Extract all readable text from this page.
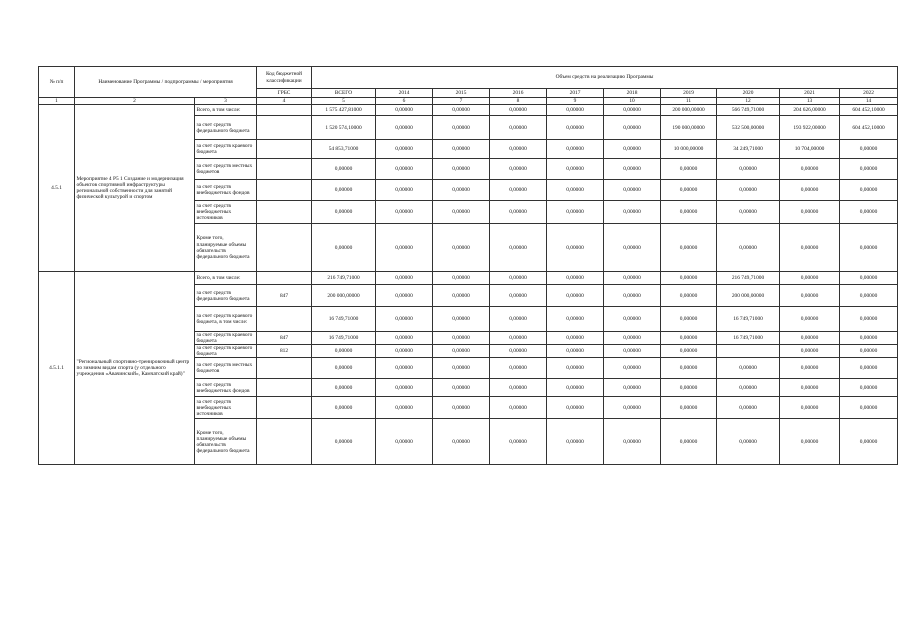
№ п/п	Наименование Программы / подпрограммы / мероприятия		Код бюджетной классификации	Объем средств на реализацию Программы									
			ГРБС	ВСЕГО	2014	2015	2016	2017	2018	2019	2020	2021	2022
1	2	3	4	5	6	7	8	9	10	11	12	13	14
4.5.1	Мероприятие 4 Р5 1 Создание и модернизация объектов спортивной инфраструктуры региональной собственности для занятий физической культурой и спортом	Всего, в том числе:		1 575 427,81000	0,00000	0,00000	0,00000	0,00000	0,00000	200 000,00000	566 749,71000	204 626,00000	604 452,10000
		за счет средств федерального бюджета		1 520 574,10000	0,00000	0,00000	0,00000	0,00000	0,00000	190 000,00000	532 500,00000	193 922,00000	604 452,10000
		за счет средств краевого бюджета		54 853,71000	0,00000	0,00000	0,00000	0,00000	0,00000	10 000,00000	34 249,71000	10 704,00000	0,00000
		за счет средств местных бюджетов		0,00000	0,00000	0,00000	0,00000	0,00000	0,00000	0,00000	0,00000	0,00000	0,00000
		за счет средств внебюджетных фондов		0,00000	0,00000	0,00000	0,00000	0,00000	0,00000	0,00000	0,00000	0,00000	0,00000
		за счет средств внебюджетных источников		0,00000	0,00000	0,00000	0,00000	0,00000	0,00000	0,00000	0,00000	0,00000	0,00000
		Кроме того, планируемые объемы обязательств федерального бюджета		0,00000	0,00000	0,00000	0,00000	0,00000	0,00000	0,00000	0,00000	0,00000	0,00000
4.5.1.1	"Региональный спортивно-тренировочный центр по зимним видам спорта (у отдельного учреждения «Авачинский», Камчатский край)"	Всего, в том числе:		216 749,71000	0,00000	0,00000	0,00000	0,00000	0,00000	0,00000	216 749,71000	0,00000	0,00000
		за счет средств федерального бюджета	847	200 000,00000	0,00000	0,00000	0,00000	0,00000	0,00000	0,00000	200 000,00000	0,00000	0,00000
		за счет средств краевого бюджета, в том числе:		16 749,71000	0,00000	0,00000	0,00000	0,00000	0,00000	0,00000	16 749,71000	0,00000	0,00000
		за счет средств краевого бюджета	847	16 749,71000	0,00000	0,00000	0,00000	0,00000	0,00000	0,00000	16 749,71000	0,00000	0,00000
		за счет средств краевого бюджета	812	0,00000	0,00000	0,00000	0,00000	0,00000	0,00000	0,00000		0,00000	0,00000
		за счет средств местных бюджетов		0,00000	0,00000	0,00000	0,00000	0,00000	0,00000	0,00000	0,00000	0,00000	0,00000
		за счет средств внебюджетных фондов		0,00000	0,00000	0,00000	0,00000	0,00000	0,00000	0,00000	0,00000	0,00000	0,00000
		за счет средств внебюджетных источников		0,00000	0,00000	0,00000	0,00000	0,00000	0,00000	0,00000	0,00000	0,00000	0,00000
		Кроме того, планируемые объемы обязательств федерального бюджета		0,00000	0,00000	0,00000	0,00000	0,00000	0,00000	0,00000	0,00000	0,00000	0,00000
